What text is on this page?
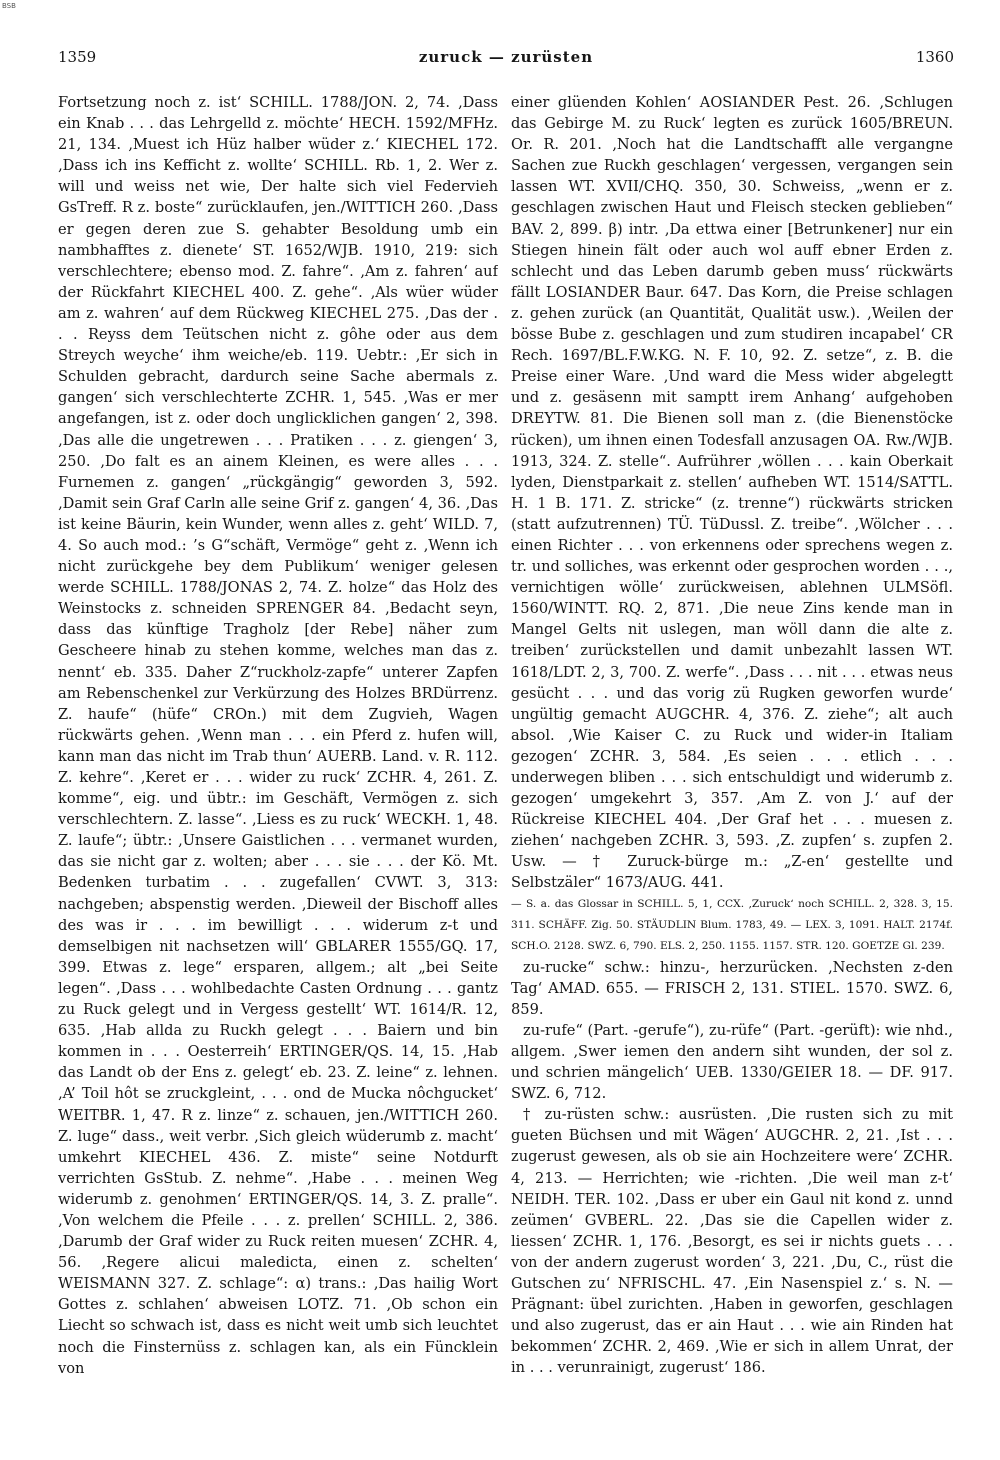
BSB
1359	zuruck — zurüsten	1360

Fortsetzung noch z. ist‘ SCHILL. 1788/JON. 2, 74. ‚Dass ein Knab . . . das Lehrgelld z. möchte‘ HECH. 1592/MFHz. 21, 134. ‚Muest ich Hüz halber wüder z.‘ KIECHEL 172. ‚Dass ich ins Kefficht z. wollte‘ SCHILL. Rb. 1, 2. Wer z. will und weiss net wie, Der halte sich viel Federvieh GsTreff. R z. boste“ zurücklaufen, jen./WITTICH 260. ‚Dass er gegen deren zue S. gehabter Besoldung umb ein nambhafftes z. dienete‘ ST. 1652/WJB. 1910, 219: sich verschlechtere; ebenso mod. Z. fahre“. ‚Am z. fahren‘ auf der Rückfahrt KIECHEL 400. Z. gehe“. ‚Als wüer wüder am z. wahren‘ auf dem Rückweg KIECHEL 275. ‚Das der . . . Reyss dem Teütschen nicht z. gôhe oder aus dem Streych weyche‘ ihm weiche/eb. 119. Uebtr.: ‚Er sich in Schulden gebracht, dardurch seine Sache abermals z. gangen‘ sich verschlechterte ZCHR. 1, 545. ‚Was er mer angefangen, ist z. oder doch unglicklichen gangen‘ 2, 398. ‚Das alle die ungetrewen . . . Pratiken . . . z. giengen‘ 3, 250. ‚Do falt es an ainem Kleinen, es were alles . . . Furnemen z. gangen‘ „rückgängig“ geworden 3, 592. ‚Damit sein Graf Carln alle seine Grif z. gangen‘ 4, 36. ‚Das ist keine Bäurin, kein Wunder, wenn alles z. geht‘ WILD. 7, 4. So auch mod.: ’s G“schäft, Vermöge“ geht z. ‚Wenn ich nicht zurückgehe bey dem Publikum‘ weniger gelesen werde SCHILL. 1788/JONAS 2, 74. Z. holze“ das Holz des Weinstocks z. schneiden SPRENGER 84. ‚Bedacht seyn, dass das künftige Tragholz [der Rebe] näher zum Gescheere hinab zu stehen komme, welches man das z. nennt‘ eb. 335. Daher Z“ruckholz-zapfe“ unterer Zapfen am Rebenschenkel zur Verkürzung des Holzes BRDürrenz. Z. haufe“ (hüfe“ CROn.) mit dem Zugvieh, Wagen rückwärts gehen. ‚Wenn man . . . ein Pferd z. hufen will, kann man das nicht im Trab thun‘ AUERB. Land. v. R. 112. Z. kehre“. ‚Keret er . . . wider zu ruck‘ ZCHR. 4, 261. Z. komme“, eig. und übtr.: im Geschäft, Vermögen z. sich verschlechtern. Z. lasse“. ‚Liess es zu ruck‘ WECKH. 1, 48. Z. laufe“; übtr.: ‚Unsere Gaistlichen . . . vermanet wurden, das sie nicht gar z. wolten; aber . . . sie . . . der Kö. Mt. Bedenken turbatim . . . zugefallen‘ CVWT. 3, 313: nachgeben; abspenstig werden. ‚Dieweil der Bischoff alles des was ir . . . im bewilligt . . . widerum z-t und demselbigen nit nachsetzen will‘ GBLARER 1555/GQ. 17, 399. Etwas z. lege“ ersparen, allgem.; alt „bei Seite legen“. ‚Dass . . . wohlbedachte Casten Ordnung . . . gantz zu Ruck gelegt und in Vergess gestellt‘ WT. 1614/R. 12, 635. ‚Hab allda zu Ruckh gelegt . . . Baiern und bin kommen in . . . Oesterreih‘ ERTINGER/QS. 14, 15. ‚Hab das Landt ob der Ens z. gelegt‘ eb. 23. Z. leine“ z. lehnen. ‚A’ Toil hôt se zruckgleint, . . . ond de Mucka nôchgucket‘ WEITBR. 1, 47. R z. linze“ z. schauen, jen./WITTICH 260. Z. luge“ dass., weit verbr. ‚Sich gleich wüderumb z. macht‘ umkehrt KIECHEL 436. Z. miste“ seine Notdurft verrichten GsStub. Z. nehme“. ‚Habe . . . meinen Weg widerumb z. genohmen‘ ERTINGER/QS. 14, 3. Z. pralle“. ‚Von welchem die Pfeile . . . z. prellen‘ SCHILL. 2, 386. ‚Darumb der Graf wider zu Ruck reiten muesen‘ ZCHR. 4, 56. ‚Regere alicui maledicta, einen z. schelten‘ WEISMANN 327. Z. schlage“: α) trans.: ‚Das hailig Wort Gottes z. schlahen‘ abweisen LOTZ. 71. ‚Ob schon ein Liecht so schwach ist, dass es nicht weit umb sich leuchtet noch die Finsternüss z. schlagen kan, als ein Füncklein von

einer glüenden Kohlen‘ AOSIANDER Pest. 26. ‚Schlugen das Gebirge M. zu Ruck‘ legten es zurück 1605/BREUN. Or. R. 201. ‚Noch hat die Landtschafft alle vergangne Sachen zue Ruckh geschlagen‘ vergessen, vergangen sein lassen WT. XVII/CHQ. 350, 30. Schweiss, „wenn er z. geschlagen zwischen Haut und Fleisch stecken geblieben“ BAV. 2, 899. β) intr. ‚Da ettwa einer [Betrunkener] nur ein Stiegen hinein fält oder auch wol auff ebner Erden z. schlecht und das Leben darumb geben muss‘ rückwärts fällt LOSIANDER Baur. 647. Das Korn, die Preise schlagen z. gehen zurück (an Quantität, Qualität usw.). ‚Weilen der bösse Bube z. geschlagen und zum studiren incapabel‘ CR Rech. 1697/BL.F.W.KG. N. F. 10, 92. Z. setze“, z. B. die Preise einer Ware. ‚Und ward die Mess wider abgelegtt und z. gesäsenn mit samptt irem Anhang‘ aufgehoben DREYTW. 81. Die Bienen soll man z. (die Bienenstöcke rücken), um ihnen einen Todesfall anzusagen OA. Rw./WJB. 1913, 324. Z. stelle“. Aufrührer ‚wöllen . . . kain Oberkait lyden, Dienstparkait z. stellen‘ aufheben WT. 1514/SATTL. H. 1 B. 171. Z. stricke“ (z. trenne“) rückwärts stricken (statt aufzutrennen) TÜ. TüDussl. Z. treibe“. ‚Wölcher . . . einen Richter . . . von erkennens oder sprechens wegen z. tr. und solliches, was erkennt oder gesprochen worden . . ., vernichtigen wölle‘ zurückweisen, ablehnen ULMSöfl. 1560/WINTT. RQ. 2, 871. ‚Die neue Zins kende man in Mangel Gelts nit uslegen, man wöll dann die alte z. treiben‘ zurückstellen und damit unbezahlt lassen WT. 1618/LDT. 2, 3, 700. Z. werfe“. ‚Dass . . . nit . . . etwas neus gesücht . . . und das vorig zü Rugken geworfen wurde‘ ungültig gemacht AUGCHR. 4, 376. Z. ziehe“; alt auch absol. ‚Wie Kaiser C. zu Ruck und wider-in Italiam gezogen‘ ZCHR. 3, 584. ‚Es seien . . . etlich . . . underwegen bliben . . . sich entschuldigt und widerumb z. gezogen‘ umgekehrt 3, 357. ‚Am Z. von J.‘ auf der Rückreise KIECHEL 404. ‚Der Graf het . . . muesen z. ziehen‘ nachgeben ZCHR. 3, 593. ‚Z. zupfen‘ s. zupfen 2. Usw. — † Zuruck-bürge m.: „Z-en‘ gestellte und Selbstzäler“ 1673/AUG. 441.

— S. a. das Glossar in SCHILL. 5, 1, CCX. ‚Zuruck‘ noch SCHILL. 2, 328. 3, 15. 311. SCHÄFF. Zig. 50. STÄUDLIN Blum. 1783, 49. — LEX. 3, 1091. HALT. 2174f. SCH.O. 2128. SWZ. 6, 790. ELS. 2, 250. 1155. 1157. STR. 120. GOETZE Gl. 239.

zu-rucke“ schw.: hinzu-, herzurücken. ‚Nechsten z-den Tag‘ AMAD. 655. — FRISCH 2, 131. STIEL. 1570. SWZ. 6, 859.

zu-rufe“ (Part. -gerufe“), zu-rüfe“ (Part. -gerüft): wie nhd., allgem. ‚Swer iemen den andern siht wunden, der sol z. und schrien mängelich‘ UEB. 1330/GEIER 18. — DF. 917. SWZ. 6, 712.

† zu-rüsten schw.: ausrüsten. ‚Die rusten sich zu mit gueten Büchsen und mit Wägen‘ AUGCHR. 2, 21. ‚Ist . . . zugerust gewesen, als ob sie ain Hochzeitere were‘ ZCHR. 4, 213. — Herrichten; wie -richten. ‚Die weil man z-t‘ NEIDH. TER. 102. ‚Dass er uber ein Gaul nit kond z. unnd zeümen‘ GVBERL. 22. ‚Das sie die Capellen wider z. liessen‘ ZCHR. 1, 176. ‚Besorgt, es sei ir nichts guets . . . von der andern zugerust worden‘ 3, 221. ‚Du, C., rüst die Gutschen zu‘ NFRISCHL. 47. ‚Ein Nasenspiel z.‘ s. N. — Prägnant: übel zurichten. ‚Haben in geworfen, geschlagen und also zugerust, das er ain Haut . . . wie ain Rinden hat bekommen‘ ZCHR. 2, 469. ‚Wie er sich in allem Unrat, der in . . . verunrainigt, zugerust‘ 186.
